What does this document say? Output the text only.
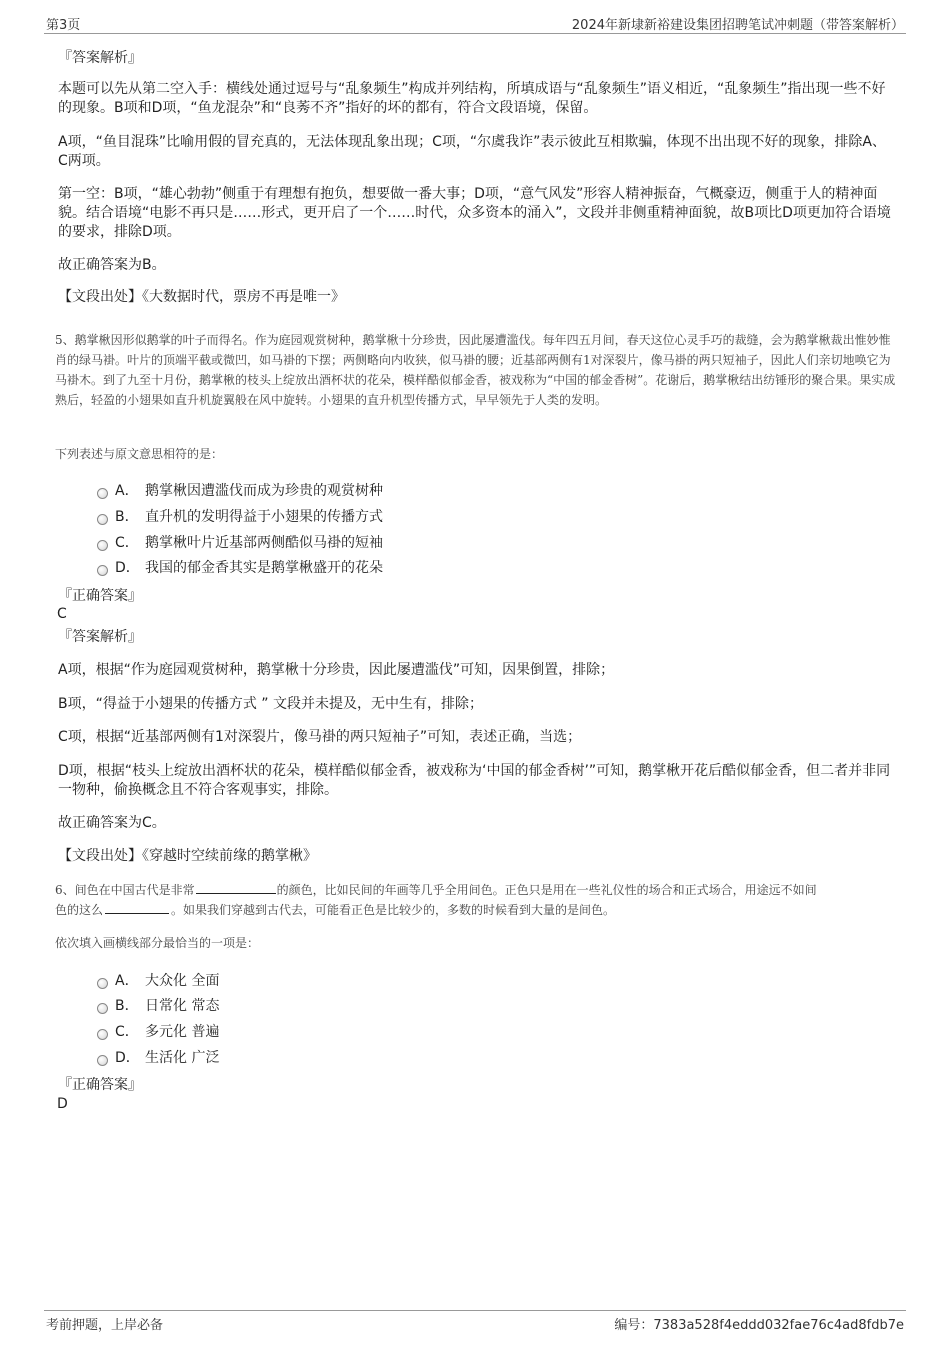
第3页	2024年新埭新裕建设集团招聘笔试冲刺题（带答案解析）
『答案解析』
本题可以先从第二空入手：横线处通过逗号与“乱象频生”构成并列结构，所填成语与“乱象频生”语义相近，“乱象频生”指出现一些不好的现象。B项和D项，“鱼龙混杂”和“良莠不齐”指好的坏的都有，符合文段语境，保留。
A项，“鱼目混珠”比喻用假的冒充真的，无法体现乱象出现；C项，“尔虞我诈”表示彼此互相欺骗，体现不出出现不好的现象，排除A、C两项。
第一空：B项，“雄心勃勃”侧重于有理想有抱负，想要做一番大事；D项，“意气风发”形容人精神振奋，气概豪迈，侧重于人的精神面貌。结合语境“电影不再只是……形式，更开启了一个……时代，众多资本的涌入”，文段并非侧重精神面貌，故B项比D项更加符合语境的要求，排除D项。
故正确答案为B。
【文段出处】《大数据时代，票房不再是唯一》
5、鹅掌楸因形似鹅掌的叶子而得名。作为庭园观赏树种，鹅掌楸十分珍贵，因此屡遭滥伐。每年四五月间，春天这位心灵手巧的裁缝，会为鹅掌楸裁出惟妙惟肖的绿马褂。叶片的顶端平截或微凹，如马褂的下摆；两侧略向内收狭，似马褂的腰；近基部两侧有1对深裂片，像马褂的两只短袖子，因此人们亲切地唤它为马褂木。到了九至十月份，鹅掌楸的枝头上绽放出酒杯状的花朵，模样酷似郁金香，被戏称为“中国的郁金香树”。花谢后，鹅掌楸结出纺锤形的聚合果。果实成熟后，轻盈的小翅果如直升机旋翼般在风中旋转。小翅果的直升机型传播方式，早早领先于人类的发明。
下列表述与原文意思相符的是：
A． 鹅掌楸因遭滥伐而成为珍贵的观赏树种
B． 直升机的发明得益于小翅果的传播方式
C． 鹅掌楸叶片近基部两侧酷似马褂的短袖
D． 我国的郁金香其实是鹅掌楸盛开的花朵
『正确答案』
C
『答案解析』
A项，根据“作为庭园观赏树种，鹅掌楸十分珍贵，因此屡遭滥伐”可知，因果倒置，排除；
B项，“得益于小翅果的传播方式 ” 文段并未提及，无中生有，排除；
C项，根据“近基部两侧有1对深裂片，像马褂的两只短袖子”可知，表述正确，当选；
D项，根据“枝头上绽放出酒杯状的花朵，模样酷似郁金香，被戏称为‘中国的郁金香树’”可知，鹅掌楸开花后酷似郁金香，但二者并非同一物种，偷换概念且不符合客观事实，排除。
故正确答案为C。
【文段出处】《穿越时空续前缘的鹅掌楸》
6、间色在中国古代是非常	的颜色，比如民间的年画等几乎全用间色。正色只是用在一些礼仪性的场合和正式场合，用途远不如间
色的这么	。如果我们穿越到古代去，可能看正色是比较少的，多数的时候看到大量的是间色。
依次填入画横线部分最恰当的一项是：
A． 大众化 全面
B． 日常化 常态
C． 多元化 普遍
D． 生活化 广泛
『正确答案』
D
考前押题，上岸必备	编号：7383a528f4eddd032fae76c4ad8fdb7e
